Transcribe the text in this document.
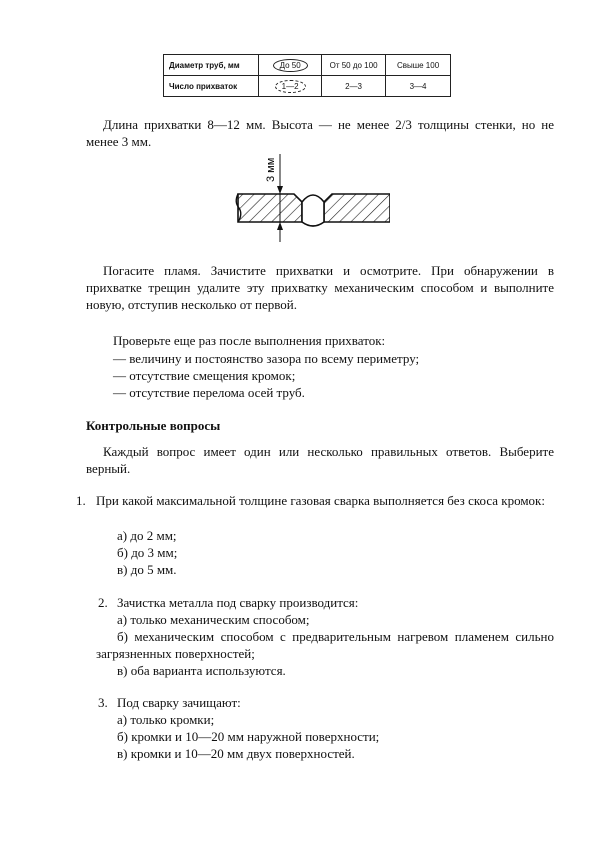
Диаметр труб, мм	До 50	От 50 до 100	Свыше 100
Число прихваток	1—2	2—3	3—4
Длина прихватки 8—12 мм. Высота — не менее 2/3 толщины стенки, но не менее 3 мм.
3 мм
Погасите пламя. Зачистите прихватки и осмотрите. При обнаружении в прихватке трещин удалите эту прихватку механическим способом и выполните новую, отступив несколько от первой.
Проверьте еще раз после выполнения прихваток:
— величину и постоянство зазора по всему периметру;
— отсутствие смещения кромок;
— отсутствие перелома осей труб.
Контрольные вопросы
Каждый вопрос имеет один или несколько правильных ответов. Выберите верный.
1. При какой максимальной толщине газовая сварка выполняется без скоса кромок:
а) до 2 мм;
б) до 3 мм;
в) до 5 мм.
2. Зачистка металла под сварку производится:
а) только механическим способом;
б) механическим способом с предварительным нагревом пламенем сильно загрязненных поверхностей;
в) оба варианта используются.
3. Под сварку зачищают:
а) только кромки;
б) кромки и 10—20 мм наружной поверхности;
в) кромки и 10—20 мм двух поверхностей.
